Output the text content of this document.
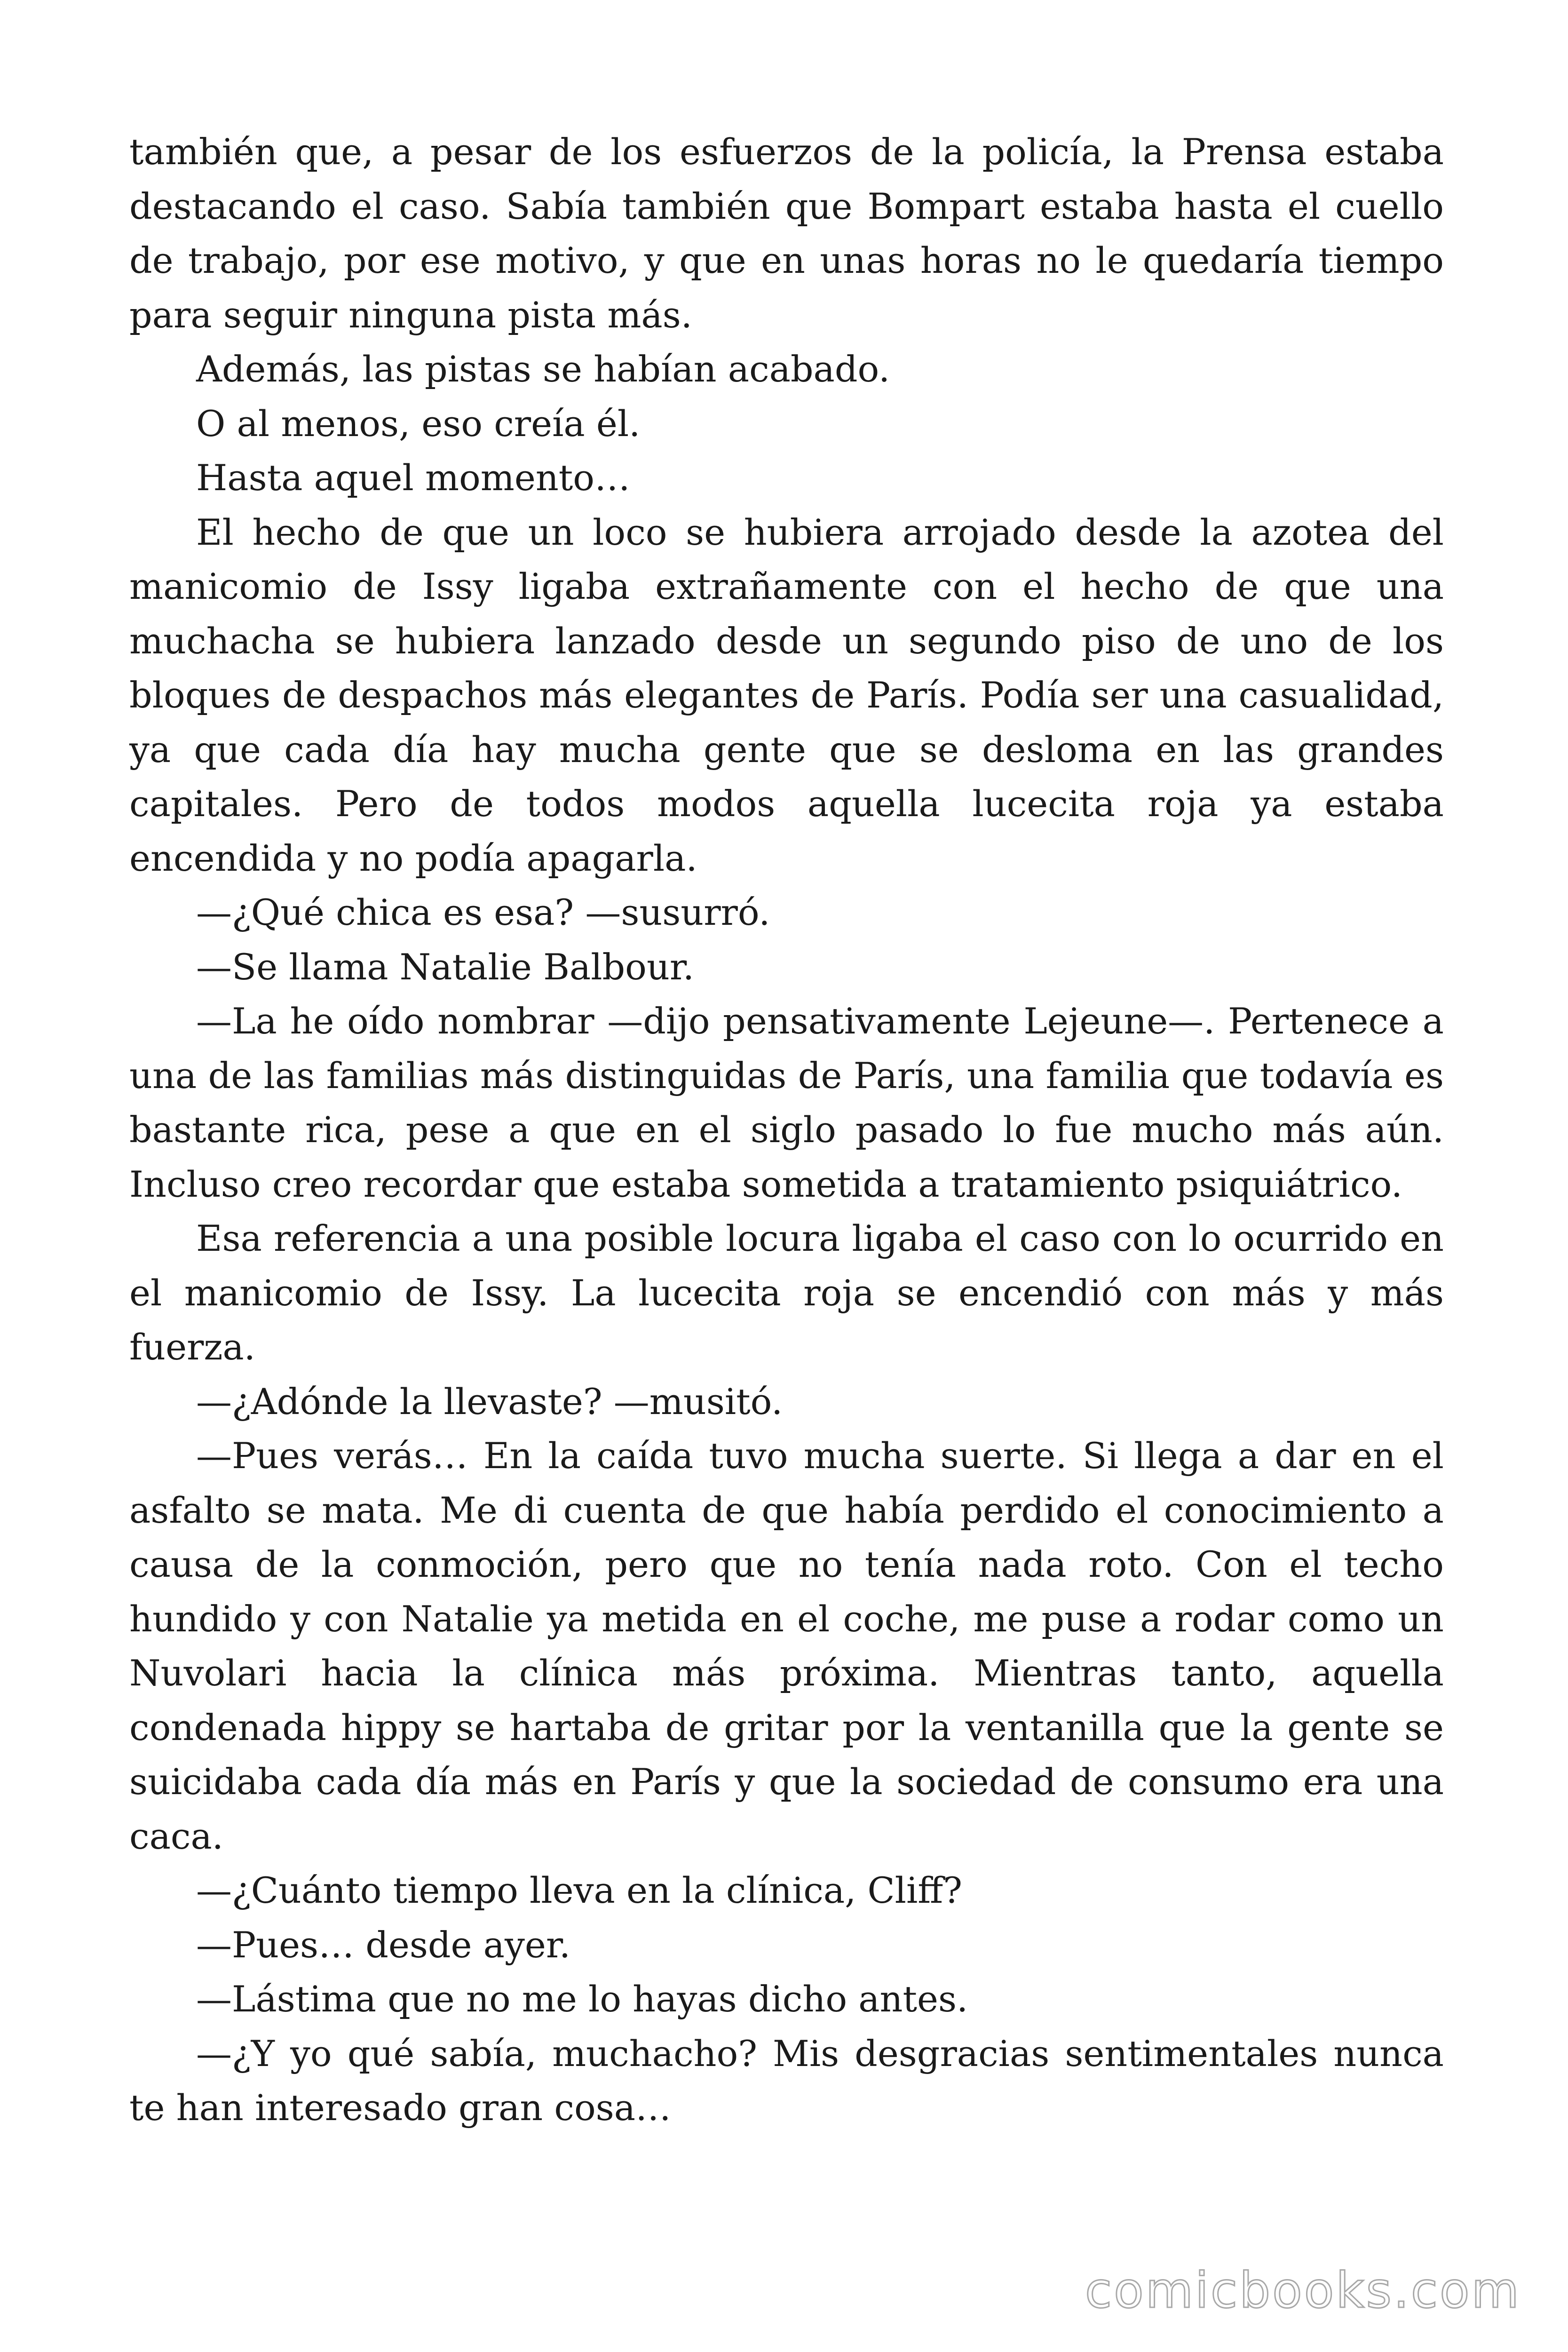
también que, a pesar de los esfuerzos de la policía, la Prensa estaba destacando el caso. Sabía también que Bompart estaba hasta el cuello de trabajo, por ese motivo, y que en unas horas no le quedaría tiempo para seguir ninguna pista más.

Además, las pistas se habían acabado.

O al menos, eso creía él.

Hasta aquel momento…

El hecho de que un loco se hubiera arrojado desde la azotea del manicomio de Issy ligaba extrañamente con el hecho de que una muchacha se hubiera lanzado desde un segundo piso de uno de los bloques de despachos más elegantes de París. Podía ser una casualidad, ya que cada día hay mucha gente que se desloma en las grandes capitales. Pero de todos modos aquella lucecita roja ya estaba encendida y no podía apagarla.

—¿Qué chica es esa? —susurró.

—Se llama Natalie Balbour.

—La he oído nombrar —dijo pensativamente Lejeune—. Pertenece a una de las familias más distinguidas de París, una familia que todavía es bastante rica, pese a que en el siglo pasado lo fue mucho más aún. Incluso creo recordar que estaba sometida a tratamiento psiquiátrico.

Esa referencia a una posible locura ligaba el caso con lo ocurrido en el manicomio de Issy. La lucecita roja se encendió con más y más fuerza.

—¿Adónde la llevaste? —musitó.

—Pues verás… En la caída tuvo mucha suerte. Si llega a dar en el asfalto se mata. Me di cuenta de que había perdido el conocimiento a causa de la conmoción, pero que no tenía nada roto. Con el techo hundido y con Natalie ya metida en el coche, me puse a rodar como un Nuvolari hacia la clínica más próxima. Mientras tanto, aquella condenada hippy se hartaba de gritar por la ventanilla que la gente se suicidaba cada día más en París y que la sociedad de consumo era una caca.

—¿Cuánto tiempo lleva en la clínica, Cliff?

—Pues… desde ayer.

—Lástima que no me lo hayas dicho antes.

—¿Y yo qué sabía, muchacho? Mis desgracias sentimentales nunca te han interesado gran cosa…

comicbooks.com
